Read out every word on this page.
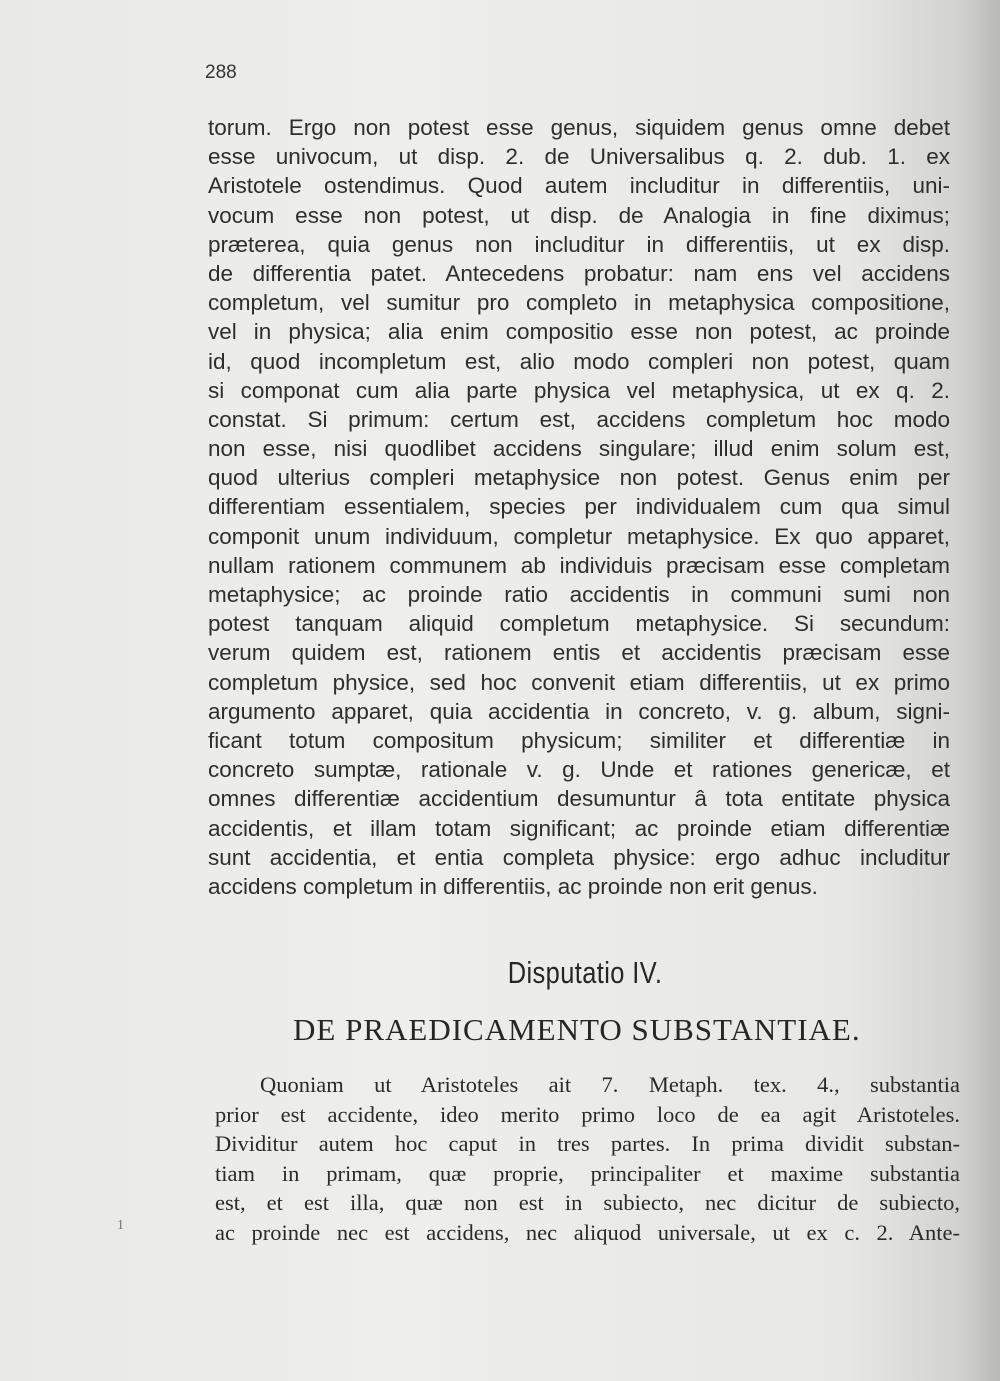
288
torum. Ergo non potest esse genus, siquidem genus omne debet
esse univocum, ut disp. 2. de Universalibus q. 2. dub. 1. ex
Aristotele ostendimus. Quod autem includitur in differentiis, uni-
vocum esse non potest, ut disp. de Analogia in fine diximus;
præterea, quia genus non includitur in differentiis, ut ex disp.
de differentia patet. Antecedens probatur: nam ens vel accidens
completum, vel sumitur pro completo in metaphysica compositione,
vel in physica; alia enim compositio esse non potest, ac proinde
id, quod incompletum est, alio modo compleri non potest, quam
si componat cum alia parte physica vel metaphysica, ut ex q. 2.
constat. Si primum: certum est, accidens completum hoc modo
non esse, nisi quodlibet accidens singulare; illud enim solum est,
quod ulterius compleri metaphysice non potest. Genus enim per
differentiam essentialem, species per individualem cum qua simul
componit unum individuum, completur metaphysice. Ex quo apparet,
nullam rationem communem ab individuis præcisam esse completam
metaphysice; ac proinde ratio accidentis in communi sumi non
potest tanquam aliquid completum metaphysice. Si secundum:
verum quidem est, rationem entis et accidentis præcisam esse
completum physice, sed hoc convenit etiam differentiis, ut ex primo
argumento apparet, quia accidentia in concreto, v. g. album, signi-
ficant totum compositum physicum; similiter et differentiæ in
concreto sumptæ, rationale v. g. Unde et rationes genericæ, et
omnes differentiæ accidentium desumuntur â tota entitate physica
accidentis, et illam totam significant; ac proinde etiam differentiæ
sunt accidentia, et entia completa physice: ergo adhuc includitur
accidens completum in differentiis, ac proinde non erit genus.
Disputatio IV.
DE PRAEDICAMENTO SUBSTANTIAE.
Quoniam ut Aristoteles ait 7. Metaph. tex. 4., substantia
prior est accidente, ideo merito primo loco de ea agit Aristoteles.
Dividitur autem hoc caput in tres partes. In prima dividit substan-
tiam in primam, quæ proprie, principaliter et maxime substantia
est, et est illa, quæ non est in subiecto, nec dicitur de subiecto,
ac proinde nec est accidens, nec aliquod universale, ut ex c. 2. Ante-
1
